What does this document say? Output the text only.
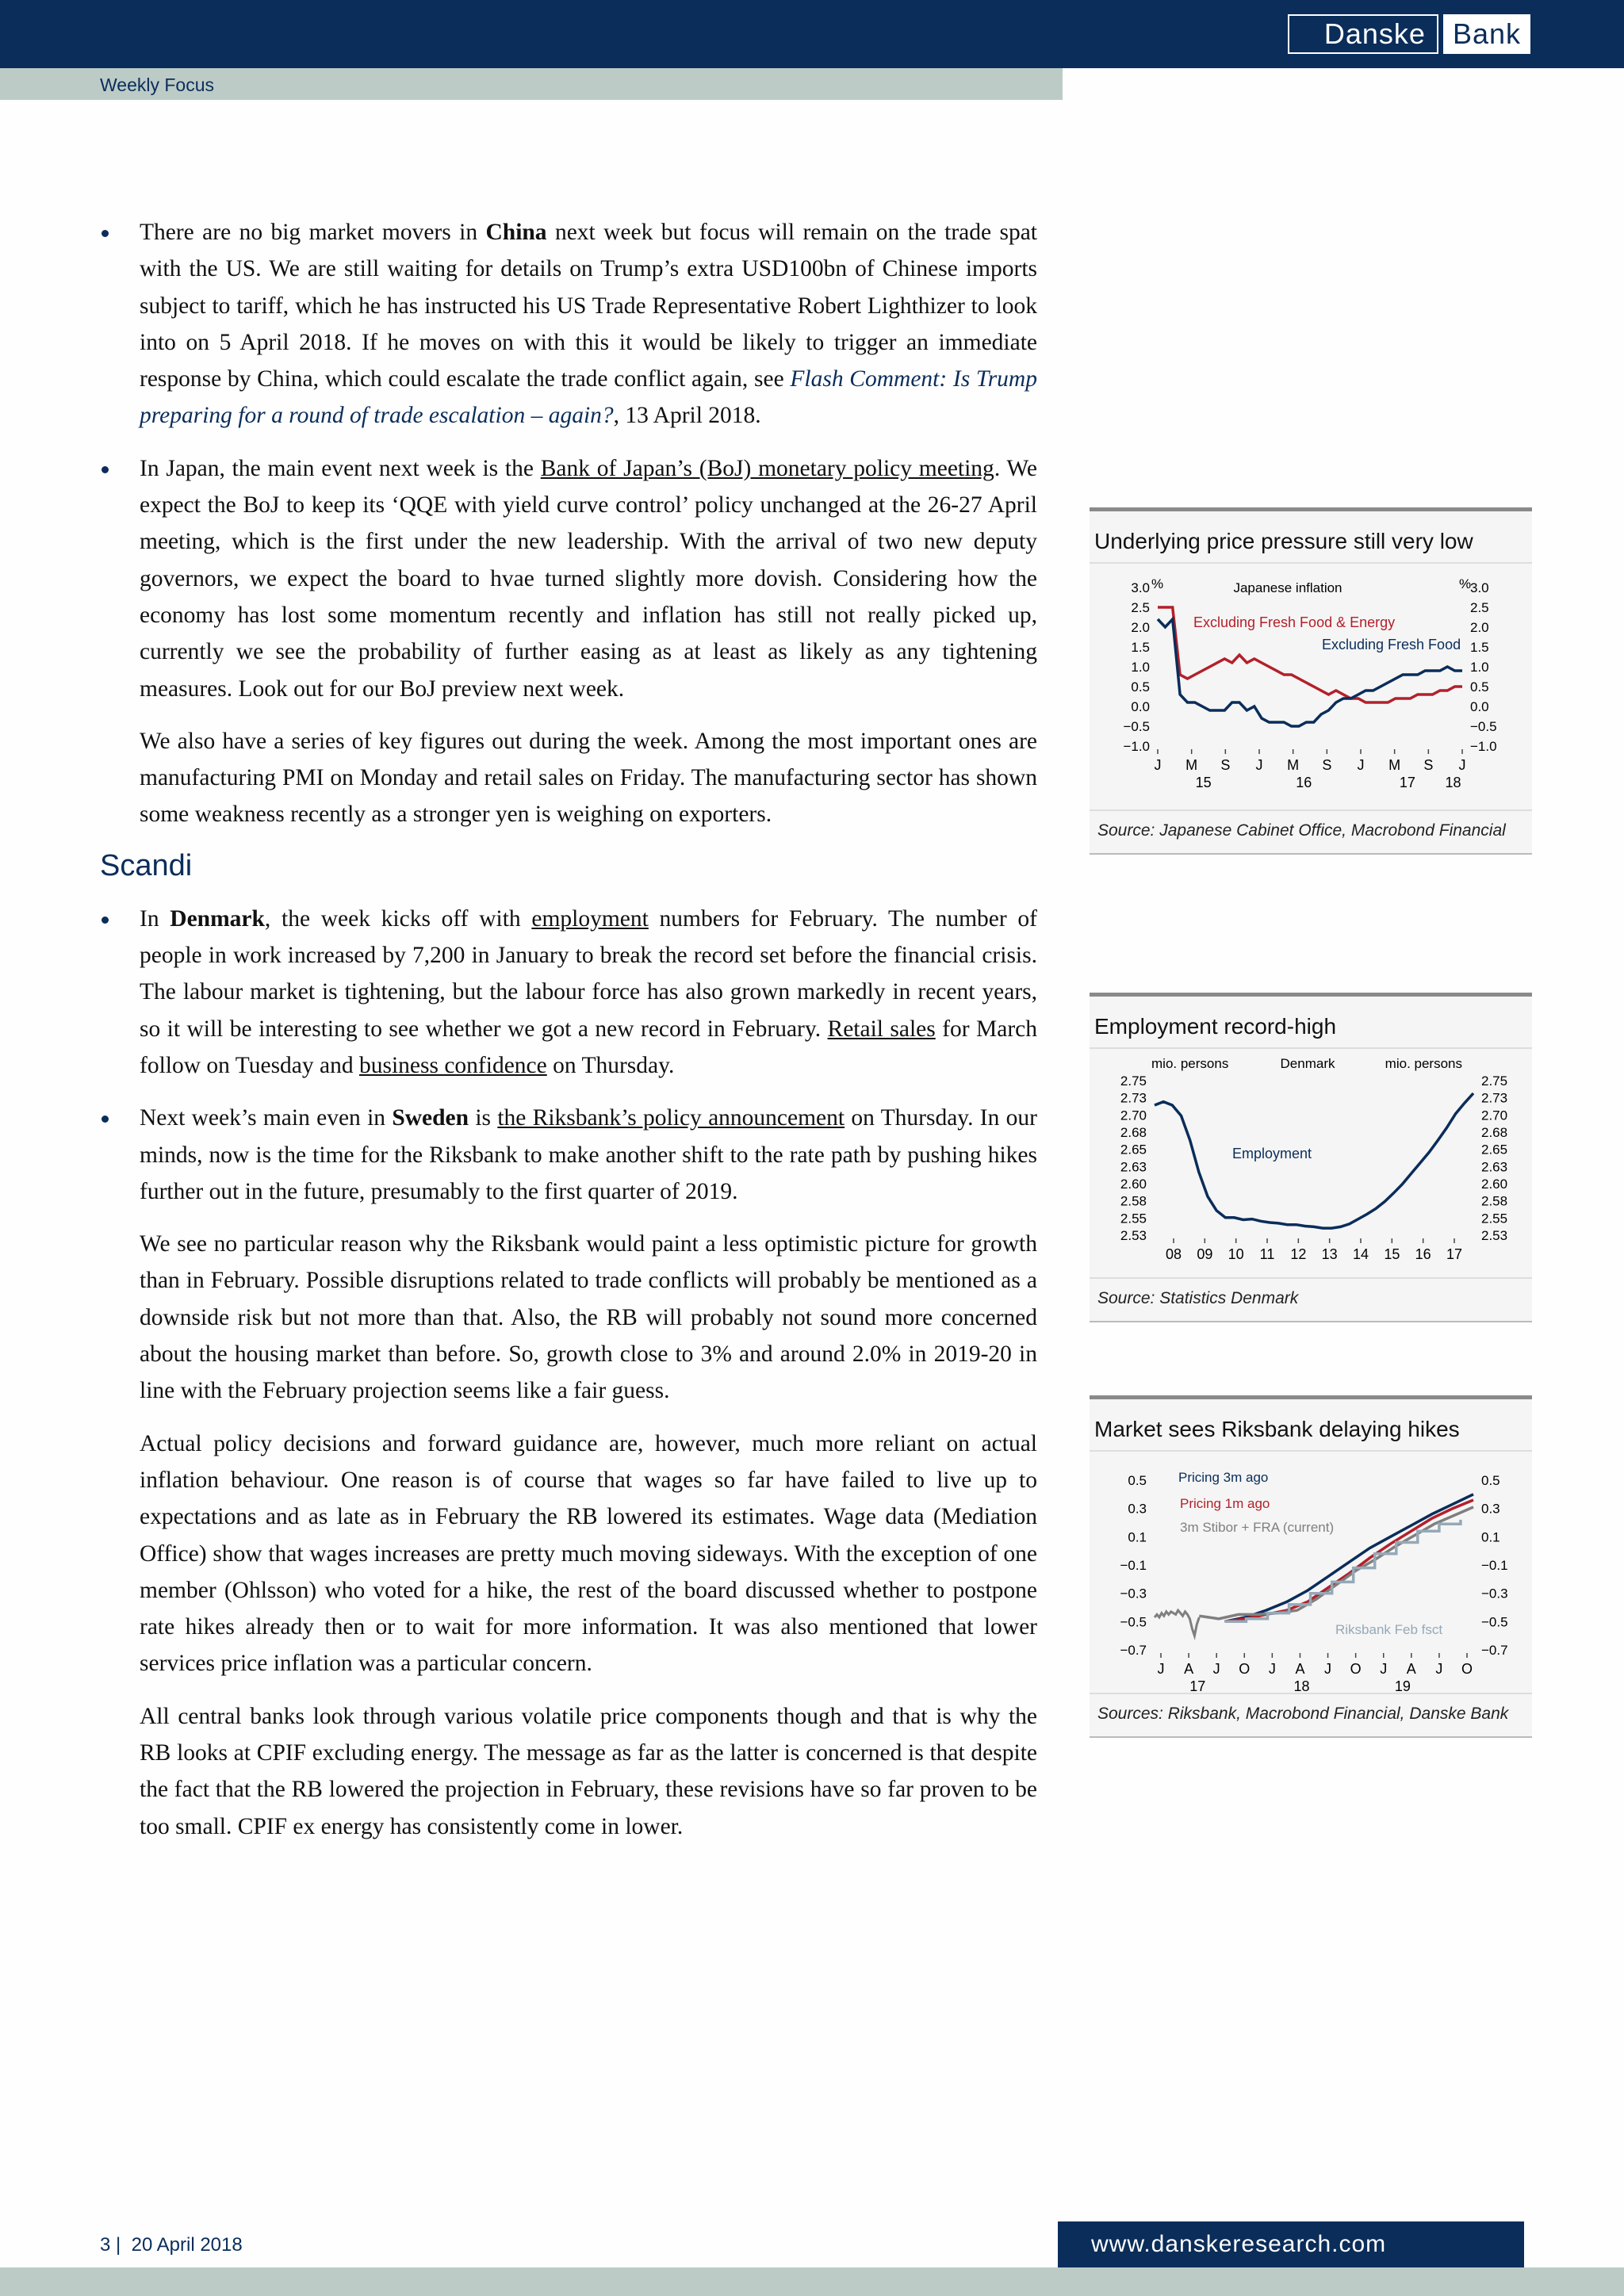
Danske Bank
Weekly Focus

There are no big market movers in China next week but focus will remain on the trade spat with the US. We are still waiting for details on Trump’s extra USD100bn of Chinese imports subject to tariff, which he has instructed his US Trade Representative Robert Lighthizer to look into on 5 April 2018. If he moves on with this it would be likely to trigger an immediate response by China, which could escalate the trade conflict again, see Flash Comment: Is Trump preparing for a round of trade escalation – again?, 13 April 2018.

In Japan, the main event next week is the Bank of Japan’s (BoJ) monetary policy meeting. We expect the BoJ to keep its ‘QQE with yield curve control’ policy unchanged at the 26-27 April meeting, which is the first under the new leadership. With the arrival of two new deputy governors, we expect the board to hvae turned slightly more dovish. Considering how the economy has lost some momentum recently and inflation has still not really picked up, currently we see the probability of further easing as at least as likely as any tightening measures. Look out for our BoJ preview next week.

We also have a series of key figures out during the week. Among the most important ones are manufacturing PMI on Monday and retail sales on Friday. The manufacturing sector has shown some weakness recently as a stronger yen is weighing on exporters.

Scandi

In Denmark, the week kicks off with employment numbers for February. The number of people in work increased by 7,200 in January to break the record set before the financial crisis. The labour market is tightening, but the labour force has also grown markedly in recent years, so it will be interesting to see whether we got a new record in February. Retail sales for March follow on Tuesday and business confidence on Thursday.

Next week’s main even in Sweden is the Riksbank’s policy announcement on Thursday. In our minds, now is the time for the Riksbank to make another shift to the rate path by pushing hikes further out in the future, presumably to the first quarter of 2019.

We see no particular reason why the Riksbank would paint a less optimistic picture for growth than in February. Possible disruptions related to trade conflicts will probably be mentioned as a downside risk but not more than that. Also, the RB will probably not sound more concerned about the housing market than before. So, growth close to 3% and around 2.0% in 2019-20 in line with the February projection seems like a fair guess.

Actual policy decisions and forward guidance are, however, much more reliant on actual inflation behaviour. One reason is of course that wages so far have failed to live up to expectations and as late as in February the RB lowered its estimates. Wage data (Mediation Office) show that wages increases are pretty much moving sideways. With the exception of one member (Ohlsson) who voted for a hike, the rest of the board discussed whether to postpone rate hikes already then or to wait for more information. It was also mentioned that lower services price inflation was a particular concern.

All central banks look through various volatile price components though and that is why the RB looks at CPIF excluding energy. The message as far as the latter is concerned is that despite the fact that the RB lowered the projection in February, these revisions have so far proven to be too small. CPIF ex energy has consistently come in lower.

Underlying price pressure still very low
Japanese inflation
%	%
Excluding Fresh Food & Energy
Excluding Fresh Food
3.0	3.0
2.5	2.5
2.0	2.0
1.5	1.5
1.0	1.0
0.5	0.5
0.0	0.0
−0.5	−0.5
−1.0	−1.0
J M S J M S J M S J
15	16	17 18
Source: Japanese Cabinet Office, Macrobond Financial
Employment record-high
Denmark
mio. persons	mio. persons
Employment
2.75	2.75
2.73	2.73
2.70	2.70
2.68	2.68
2.65	2.65
2.63	2.63
2.60	2.60
2.58	2.58
2.55	2.55
2.53	2.53
08 09 10 11 12 13 14 15 16 17
Source: Statistics Denmark
Market sees Riksbank delaying hikes
Pricing 3m ago
Pricing 1m ago
3m Stibor + FRA (current)
Riksbank Feb fsct
0.5	0.5
0.3	0.3
0.1	0.1
−0.1	−0.1
−0.3	−0.3
−0.5	−0.5
−0.7	−0.7
J A J O J A J O J A J O
17	18	19
Sources: Riksbank, Macrobond Financial, Danske Bank
3 | 20 April 2018	www.danskeresearch.com
